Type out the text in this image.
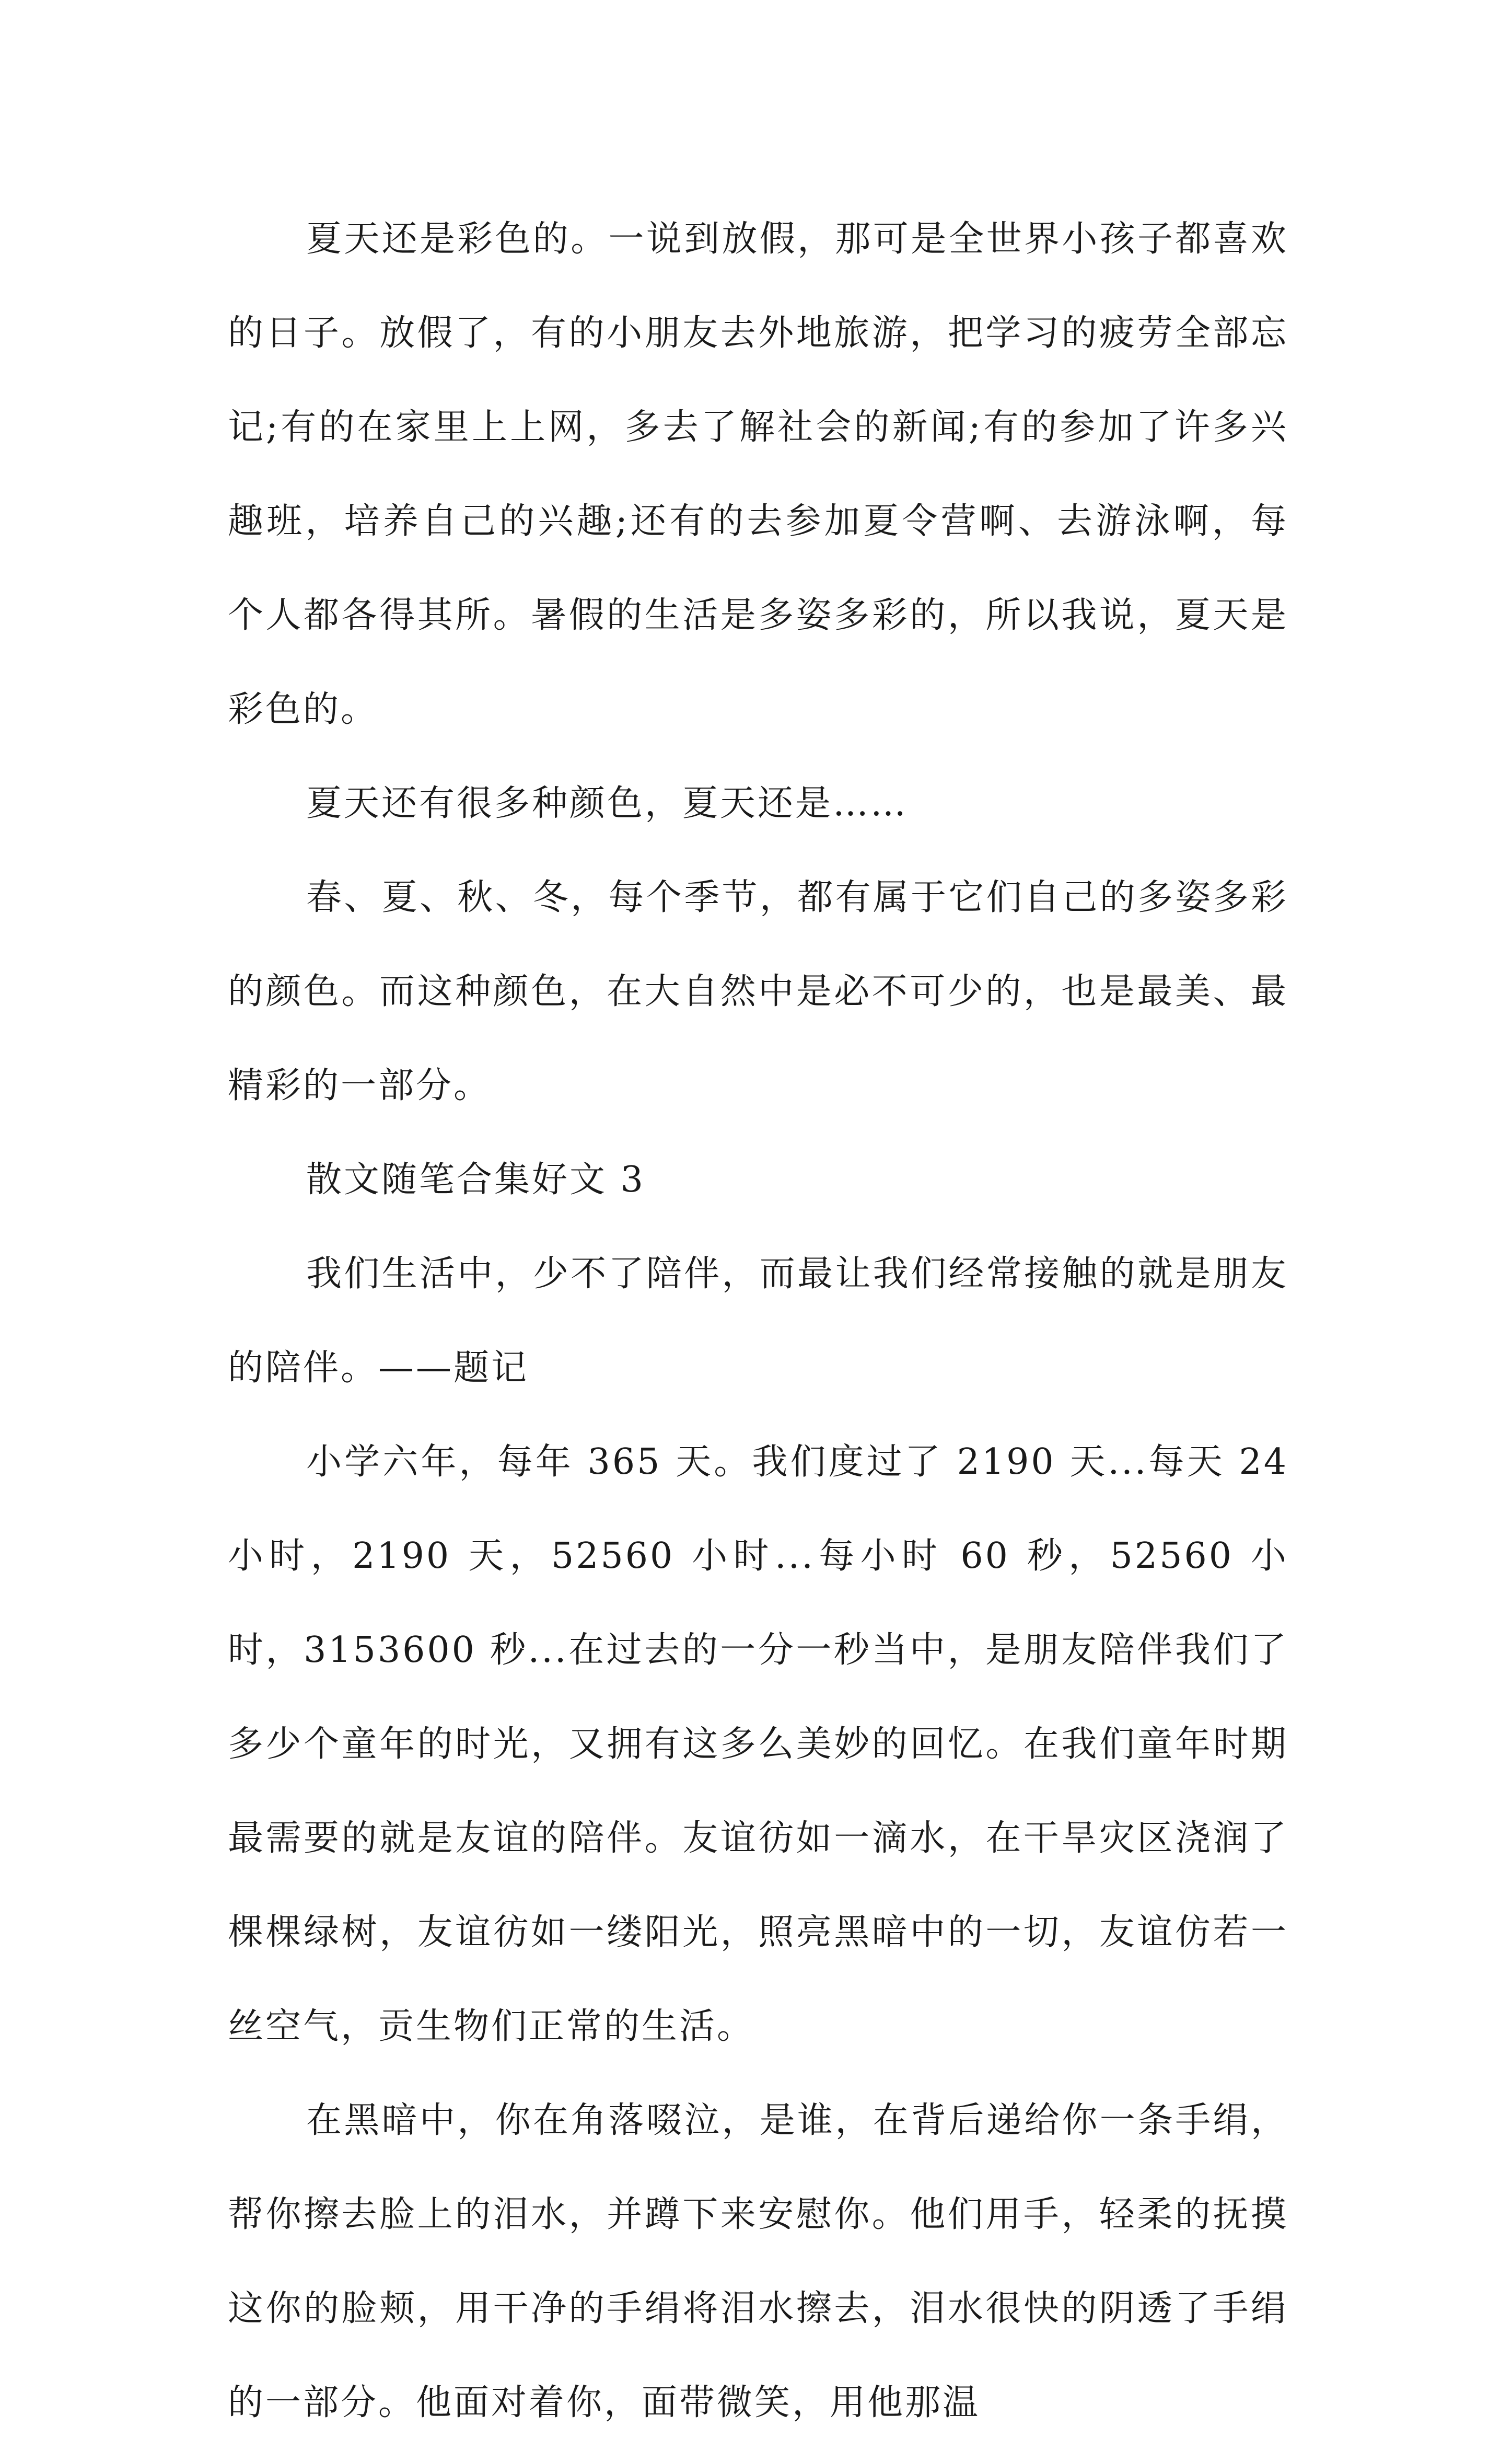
夏天还是彩色的。一说到放假，那可是全世界小孩子都喜欢的日子。放假了，有的小朋友去外地旅游，把学习的疲劳全部忘记;有的在家里上上网，多去了解社会的新闻;有的参加了许多兴趣班，培养自己的兴趣;还有的去参加夏令营啊、去游泳啊，每个人都各得其所。暑假的生活是多姿多彩的，所以我说，夏天是彩色的。

夏天还有很多种颜色，夏天还是……

春、夏、秋、冬，每个季节，都有属于它们自己的多姿多彩的颜色。而这种颜色，在大自然中是必不可少的，也是最美、最精彩的一部分。

散文随笔合集好文 3

我们生活中，少不了陪伴，而最让我们经常接触的就是朋友的陪伴。——题记

小学六年，每年 365 天。我们度过了 2190 天...每天 24 小时，2190 天，52560 小时...每小时 60 秒，52560 小时，3153600 秒...在过去的一分一秒当中，是朋友陪伴我们了多少个童年的时光，又拥有这多么美妙的回忆。在我们童年时期最需要的就是友谊的陪伴。友谊彷如一滴水，在干旱灾区浇润了棵棵绿树，友谊彷如一缕阳光，照亮黑暗中的一切，友谊仿若一丝空气，贡生物们正常的生活。

在黑暗中，你在角落啜泣，是谁，在背后递给你一条手绢，帮你擦去脸上的泪水，并蹲下来安慰你。他们用手，轻柔的抚摸这你的脸颊，用干净的手绢将泪水擦去，泪水很快的阴透了手绢的一部分。他面对着你，面带微笑，用他那温
